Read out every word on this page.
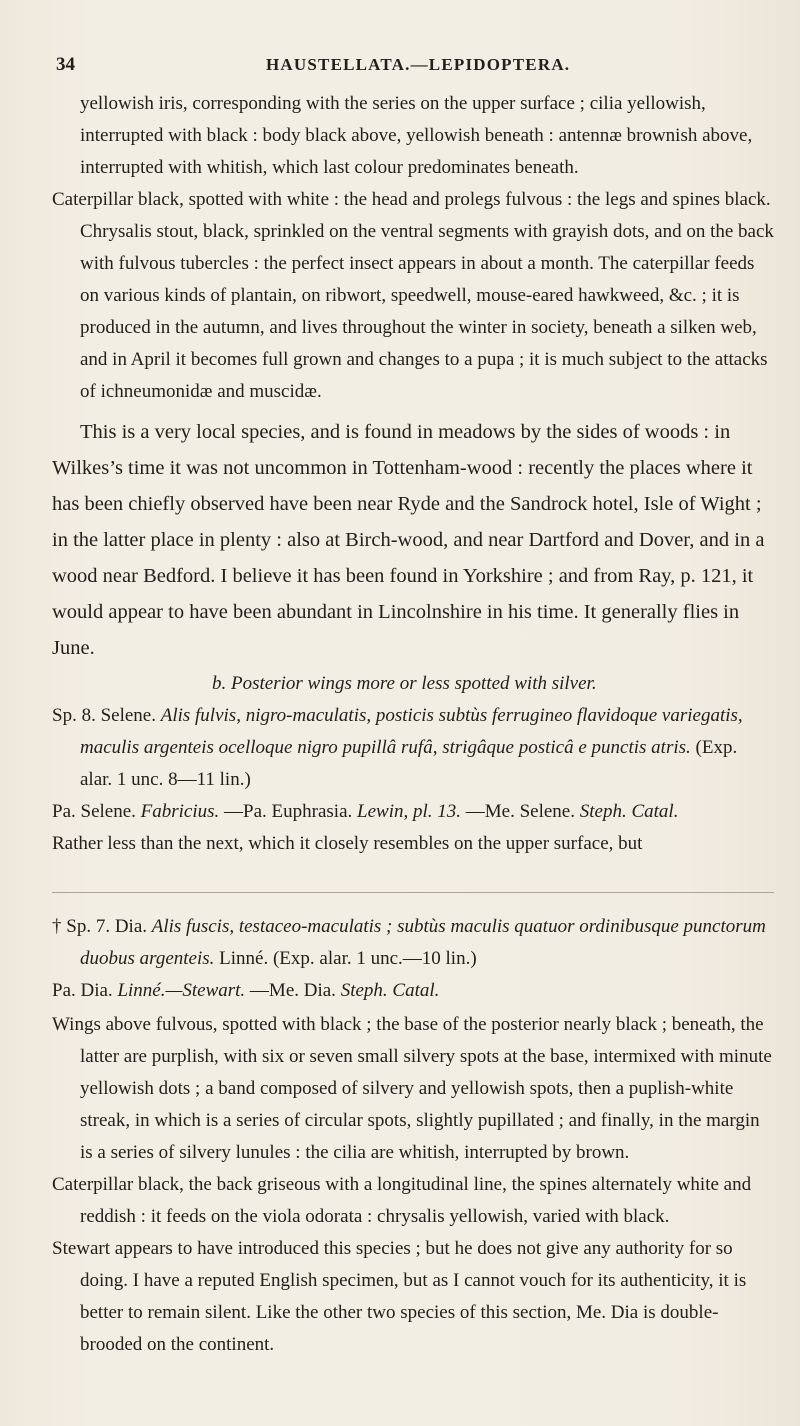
34	HAUSTELLATA.—LEPIDOPTERA.

yellowish iris, corresponding with the series on the upper surface ; cilia yellowish, interrupted with black : body black above, yellowish beneath : antennæ brownish above, interrupted with whitish, which last colour predominates beneath.

Caterpillar black, spotted with white : the head and prolegs fulvous : the legs and spines black. Chrysalis stout, black, sprinkled on the ventral segments with grayish dots, and on the back with fulvous tubercles : the perfect insect appears in about a month. The caterpillar feeds on various kinds of plantain, on ribwort, speedwell, mouse-eared hawkweed, &c. ; it is produced in the autumn, and lives throughout the winter in society, beneath a silken web, and in April it becomes full grown and changes to a pupa ; it is much subject to the attacks of ichneumonidæ and muscidæ.

This is a very local species, and is found in meadows by the sides of woods : in Wilkes’s time it was not uncommon in Tottenham-wood : recently the places where it has been chiefly observed have been near Ryde and the Sandrock hotel, Isle of Wight ; in the latter place in plenty : also at Birch-wood, and near Dartford and Dover, and in a wood near Bedford. I believe it has been found in Yorkshire ; and from Ray, p. 121, it would appear to have been abundant in Lincolnshire in his time. It generally flies in June.

b. Posterior wings more or less spotted with silver.

Sp. 8. Selene. Alis fulvis, nigro-maculatis, posticis subtùs ferrugineo flavidoque variegatis, maculis argenteis ocelloque nigro pupillâ rufâ, strigâque posticâ e punctis atris. (Exp. alar. 1 unc. 8—11 lin.)

Pa. Selene. Fabricius. —Pa. Euphrasia. Lewin, pl. 13. —Me. Selene. Steph. Catal.

Rather less than the next, which it closely resembles on the upper surface, but

† Sp. 7. Dia. Alis fuscis, testaceo-maculatis ; subtùs maculis quatuor ordinibusque punctorum duobus argenteis. Linné. (Exp. alar. 1 unc.—10 lin.)

Pa. Dia. Linné.—Stewart. —Me. Dia. Steph. Catal.

Wings above fulvous, spotted with black ; the base of the posterior nearly black ; beneath, the latter are purplish, with six or seven small silvery spots at the base, intermixed with minute yellowish dots ; a band composed of silvery and yellowish spots, then a puplish-white streak, in which is a series of circular spots, slightly pupillated ; and finally, in the margin is a series of silvery lunules : the cilia are whitish, interrupted by brown.

Caterpillar black, the back griseous with a longitudinal line, the spines alternately white and reddish : it feeds on the viola odorata : chrysalis yellowish, varied with black.

Stewart appears to have introduced this species ; but he does not give any authority for so doing. I have a reputed English specimen, but as I cannot vouch for its authenticity, it is better to remain silent. Like the other two species of this section, Me. Dia is double-brooded on the continent.
